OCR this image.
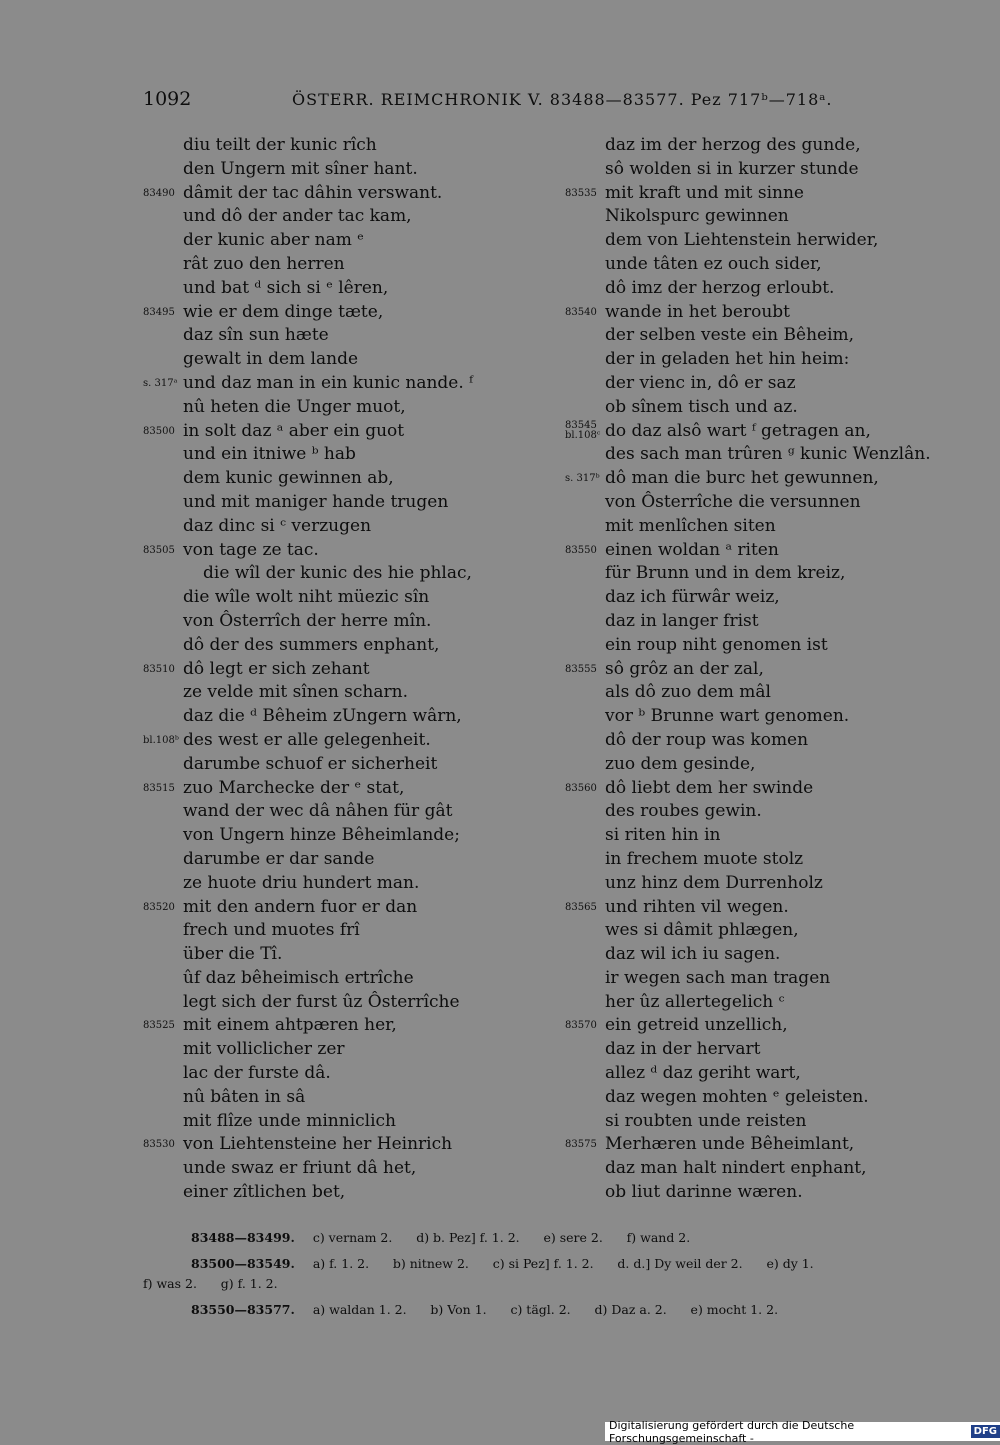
1092	ÖSTERR. REIMCHRONIK V. 83488—83577. Pez 717ᵇ—718ᵃ.
diu teilt der kunic rîch
den Ungern mit sîner hant.
83490 dâmit der tac dâhin verswant.
und dô der ander tac kam,
der kunic aber nam ᵉ
rât zuo den herren
und bat ᵈ sich si ᵉ lêren,
83495 wie er dem dinge tæte,
daz sîn sun hæte
gewalt in dem lande
s. 317ᵃ und daz man in ein kunic nande. ᶠ
nû heten die Unger muot,
83500 in solt daz ᵃ aber ein guot
und ein itniwe ᵇ hab
dem kunic gewinnen ab,
und mit maniger hande trugen
daz dinc si ᶜ verzugen
83505 von tage ze tac.
die wîl der kunic des hie phlac,
die wîle wolt niht müezic sîn
von Ôsterrîch der herre mîn.
dô der des summers enphant,
83510 dô legt er sich zehant
ze velde mit sînen scharn.
daz die ᵈ Bêheim zUngern wârn,
bl.108ᵇ des west er alle gelegenheit.
darumbe schuof er sicherheit
83515 zuo Marchecke der ᵉ stat,
wand der wec dâ nâhen für gât
von Ungern hinze Bêheimlande;
darumbe er dar sande
ze huote driu hundert man.
83520 mit den andern fuor er dan
frech und muotes frî
über die Tî.
ûf daz bêheimisch ertrîche
legt sich der furst ûz Ôsterrîche
83525 mit einem ahtpæren her,
mit volliclicher zer
lac der furste dâ.
nû bâten in sâ
mit flîze unde minniclich
83530 von Liehtensteine her Heinrich
unde swaz er friunt dâ het,
einer zîtlichen bet,
daz im der herzog des gunde,
sô wolden si in kurzer stunde
83535 mit kraft und mit sinne
Nikolspurc gewinnen
dem von Liehtenstein herwider,
unde tâten ez ouch sider,
dô imz der herzog erloubt.
83540 wande in het beroubt
der selben veste ein Bêheim,
der in geladen het hin heim:
der vienc in, dô er saz
ob sînem tisch und az.
83545
bl.108ᶜ do daz alsô wart ᶠ getragen an,
des sach man trûren ᵍ kunic Wenzlân.
s. 317ᵇ dô man die burc het gewunnen,
von Ôsterrîche die versunnen
mit menlîchen siten
83550 einen woldan ᵃ riten
für Brunn und in dem kreiz,
daz ich fürwâr weiz,
daz in langer frist
ein roup niht genomen ist
83555 sô grôz an der zal,
als dô zuo dem mâl
vor ᵇ Brunne wart genomen.
dô der roup was komen
zuo dem gesinde,
83560 dô liebt dem her swinde
des roubes gewin.
si riten hin in
in frechem muote stolz
unz hinz dem Durrenholz
83565 und rihten vil wegen.
wes si dâmit phlægen,
daz wil ich iu sagen.
ir wegen sach man tragen
her ûz allertegelich ᶜ
83570 ein getreid unzellich,
daz in der hervart
allez ᵈ daz geriht wart,
daz wegen mohten ᵉ geleisten.
si roubten unde reisten
83575 Merhæren unde Bêheimlant,
daz man halt nindert enphant,
ob liut darinne wæren.
83488—83499. c) vernam 2.      d) b. Pez] f. 1. 2.      e) sere 2.      f) wand 2.
83500—83549. a) f. 1. 2.      b) nitnew 2.      c) si Pez] f. 1. 2.      d. d.] Dy weil der 2.      e) dy 1.
f) was 2.      g) f. 1. 2.
83550—83577. a) waldan 1. 2.      b) Von 1.      c) tägl. 2.      d) Daz a. 2.      e) mocht 1. 2.
Digitalisierung gefördert durch die Deutsche Forschungsgemeinschaft -	DFG
